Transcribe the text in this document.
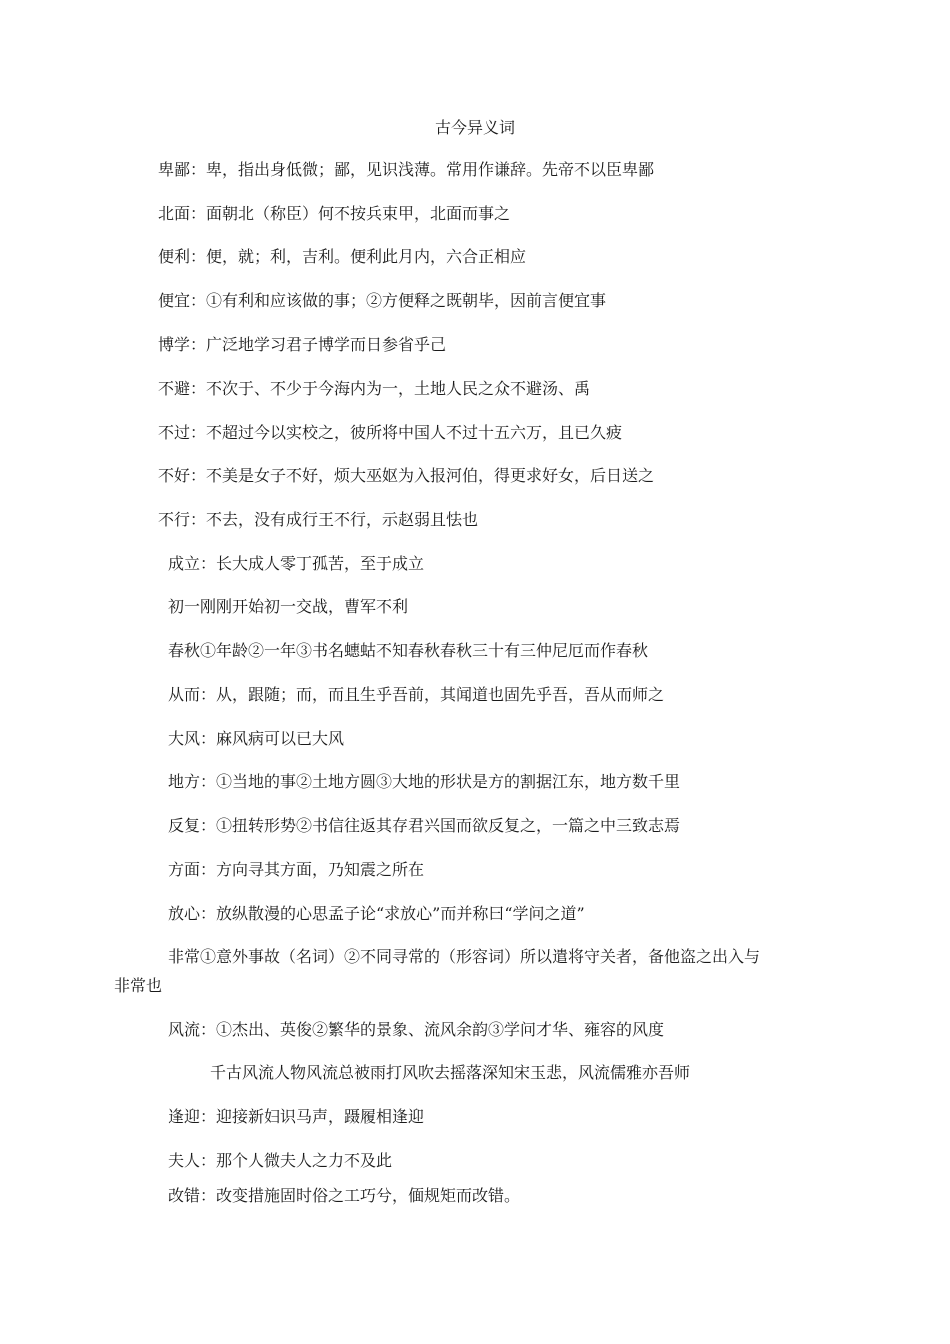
古今异义词
卑鄙：卑，指出身低微；鄙，见识浅薄。常用作谦辞。先帝不以臣卑鄙
北面：面朝北（称臣）何不按兵束甲，北面而事之
便利：便，就；利，吉利。便利此月内，六合正相应
便宜：①有利和应该做的事；②方便释之既朝毕，因前言便宜事
博学：广泛地学习君子博学而日参省乎己
不避：不次于、不少于今海内为一，土地人民之众不避汤、禹
不过：不超过今以实校之，彼所将中国人不过十五六万，且已久疲
不好：不美是女子不好，烦大巫妪为入报河伯，得更求好女，后日送之
不行：不去，没有成行王不行，示赵弱且怯也
成立：长大成人零丁孤苦，至于成立
初一刚刚开始初一交战，曹军不利
春秋①年龄②一年③书名蟪蛄不知春秋春秋三十有三仲尼厄而作春秋
从而：从，跟随；而，而且生乎吾前，其闻道也固先乎吾，吾从而师之
大风：麻风病可以已大风
地方：①当地的事②土地方圆③大地的形状是方的割据江东，地方数千里
反复：①扭转形势②书信往返其存君兴国而欲反复之，一篇之中三致志焉
方面：方向寻其方面，乃知震之所在
放心：放纵散漫的心思孟子论“求放心”而并称曰“学问之道”
非常①意外事故（名词）②不同寻常的（形容词）所以遣将守关者，备他盗之出入与
非常也
风流：①杰出、英俊②繁华的景象、流风余韵③学问才华、雍容的风度
千古风流人物风流总被雨打风吹去摇落深知宋玉悲，风流儒雅亦吾师
逢迎：迎接新妇识马声，蹑履相逢迎
夫人：那个人微夫人之力不及此
改错：改变措施固时俗之工巧兮，偭规矩而改错。
